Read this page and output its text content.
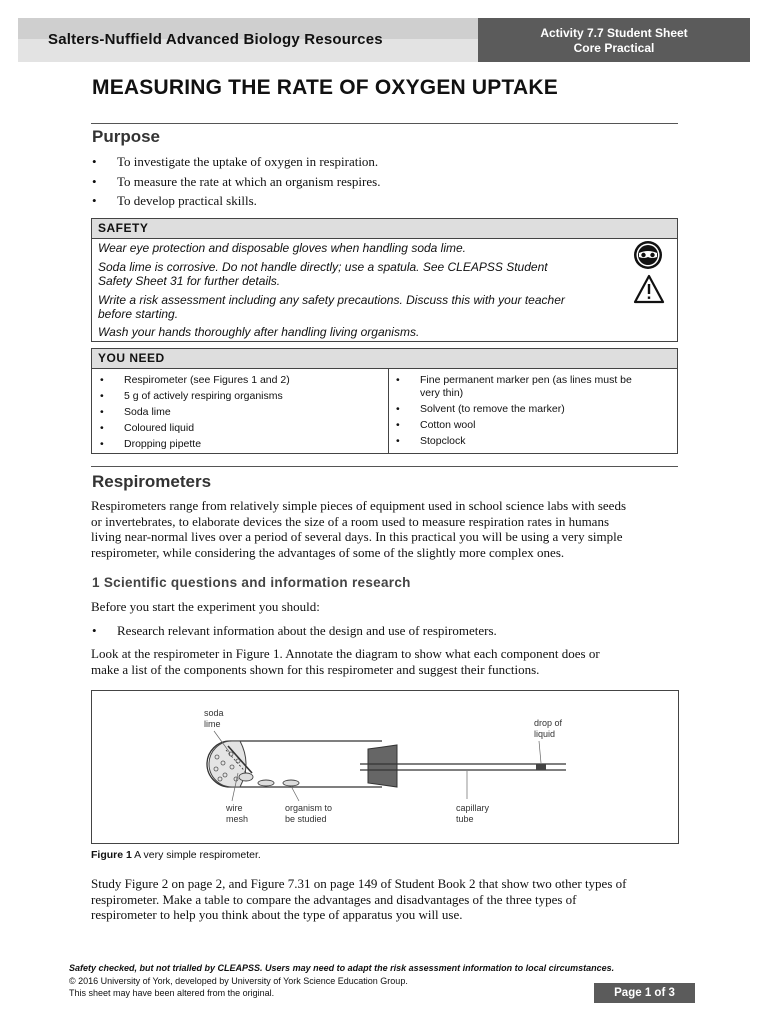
Salters-Nuffield Advanced Biology Resources	Activity 7.7 Student Sheet
Core Practical
MEASURING THE RATE OF OXYGEN UPTAKE
Purpose
• To investigate the uptake of oxygen in respiration.
• To measure the rate at which an organism respires.
• To develop practical skills.
SAFETY
Wear eye protection and disposable gloves when handling soda lime.
Soda lime is corrosive. Do not handle directly; use a spatula. See CLEAPSS Student
Safety Sheet 31 for further details.
Write a risk assessment including any safety precautions. Discuss this with your teacher
before starting.
Wash your hands thoroughly after handling living organisms.
YOU NEED
• Respirometer (see Figures 1 and 2)
• 5 g of actively respiring organisms
• Soda lime
• Coloured liquid
• Dropping pipette
• Fine permanent marker pen (as lines must be
very thin)
• Solvent (to remove the marker)
• Cotton wool
• Stopclock
Respirometers
Respirometers range from relatively simple pieces of equipment used in school science labs with seeds
or invertebrates, to elaborate devices the size of a room used to measure respiration rates in humans
living near-normal lives over a period of several days. In this practical you will be using a very simple
respirometer, while considering the advantages of some of the slightly more complex ones.
1 Scientific questions and information research
Before you start the experiment you should:
• Research relevant information about the design and use of respirometers.
Look at the respirometer in Figure 1. Annotate the diagram to show what each component does or
make a list of the components shown for this respirometer and suggest their functions.
soda
lime	drop of
liquid
wire
mesh
organism to
be studied
capillary
tube
Figure 1 A very simple respirometer.
Study Figure 2 on page 2, and Figure 7.31 on page 149 of Student Book 2 that show two other types of
respirometer. Make a table to compare the advantages and disadvantages of the three types of
respirometer to help you think about the type of apparatus you will use.
Safety checked, but not trialled by CLEAPSS. Users may need to adapt the risk assessment information to local circumstances.
© 2016 University of York, developed by University of York Science Education Group.
This sheet may have been altered from the original.	Page 1 of 3
